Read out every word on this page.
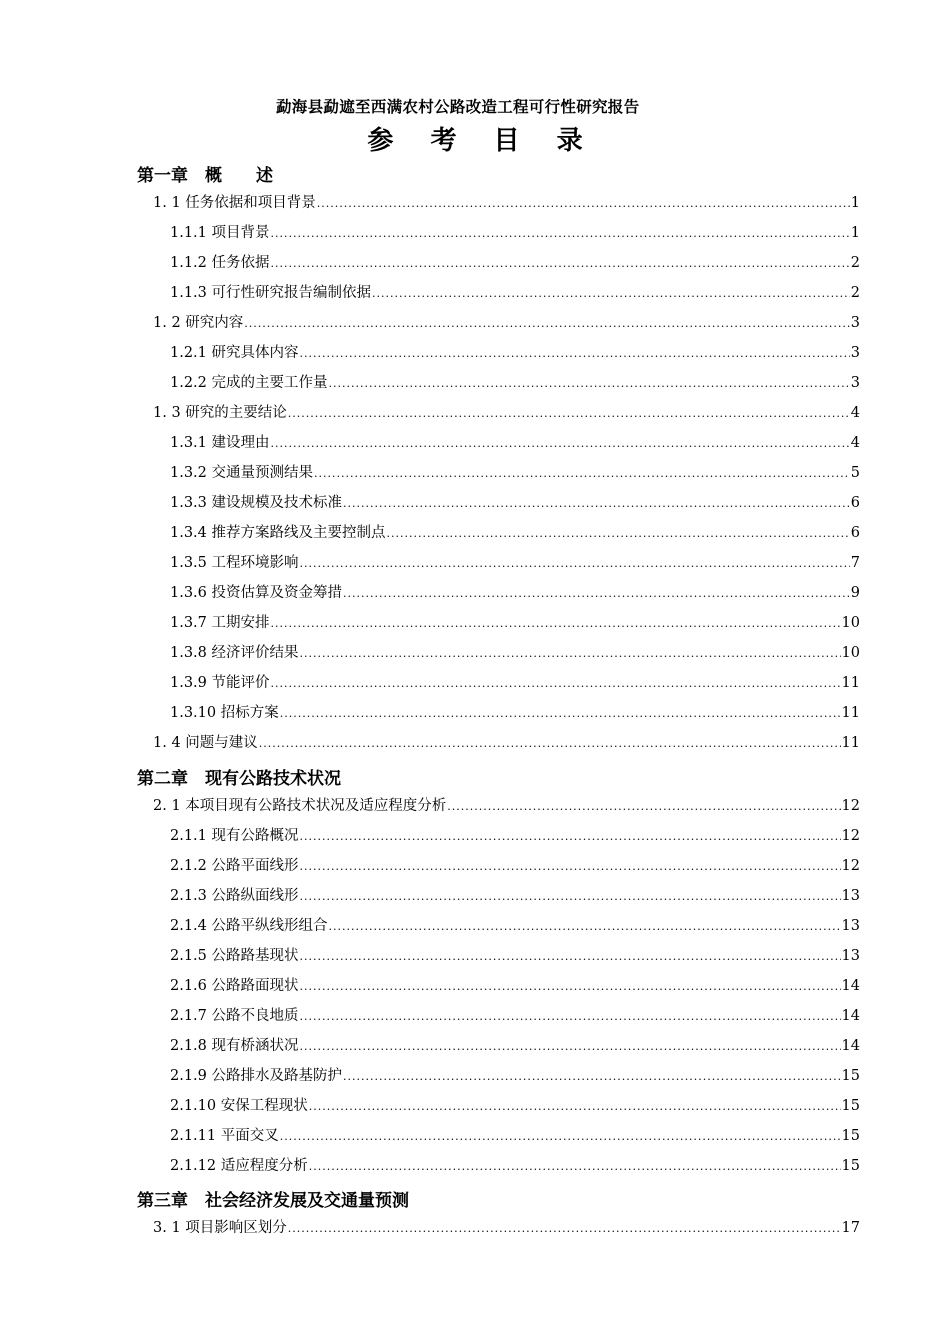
勐海县勐遮至西满农村公路改造工程可行性研究报告
参 考 目 录
第一章　概　　述
1. 1 任务依据和项目背景 .....	1
1.1.1 项目背景 .....	1
1.1.2 任务依据 .....	2
1.1.3 可行性研究报告编制依据 .....	2
1. 2 研究内容 .....	3
1.2.1 研究具体内容 .....	3
1.2.2 完成的主要工作量 .....	3
1. 3 研究的主要结论 .....	4
1.3.1 建设理由 .....	4
1.3.2 交通量预测结果 .....	5
1.3.3 建设规模及技术标准 .....	6
1.3.4 推荐方案路线及主要控制点 .....	6
1.3.5 工程环境影响 .....	7
1.3.6 投资估算及资金筹措 .....	9
1.3.7 工期安排 .....	10
1.3.8 经济评价结果 .....	10
1.3.9 节能评价 .....	11
1.3.10 招标方案 .....	11
1. 4 问题与建议 .....	11
第二章　现有公路技术状况
2. 1 本项目现有公路技术状况及适应程度分析 .....	12
2.1.1 现有公路概况 .....	12
2.1.2 公路平面线形 .....	12
2.1.3 公路纵面线形 .....	13
2.1.4 公路平纵线形组合 .....	13
2.1.5 公路路基现状 .....	13
2.1.6 公路路面现状 .....	14
2.1.7 公路不良地质 .....	14
2.1.8 现有桥涵状况 .....	14
2.1.9 公路排水及路基防护 .....	15
2.1.10 安保工程现状 .....	15
2.1.11 平面交叉 .....	15
2.1.12 适应程度分析 .....	15
第三章　社会经济发展及交通量预测
3. 1 项目影响区划分 .....	17
